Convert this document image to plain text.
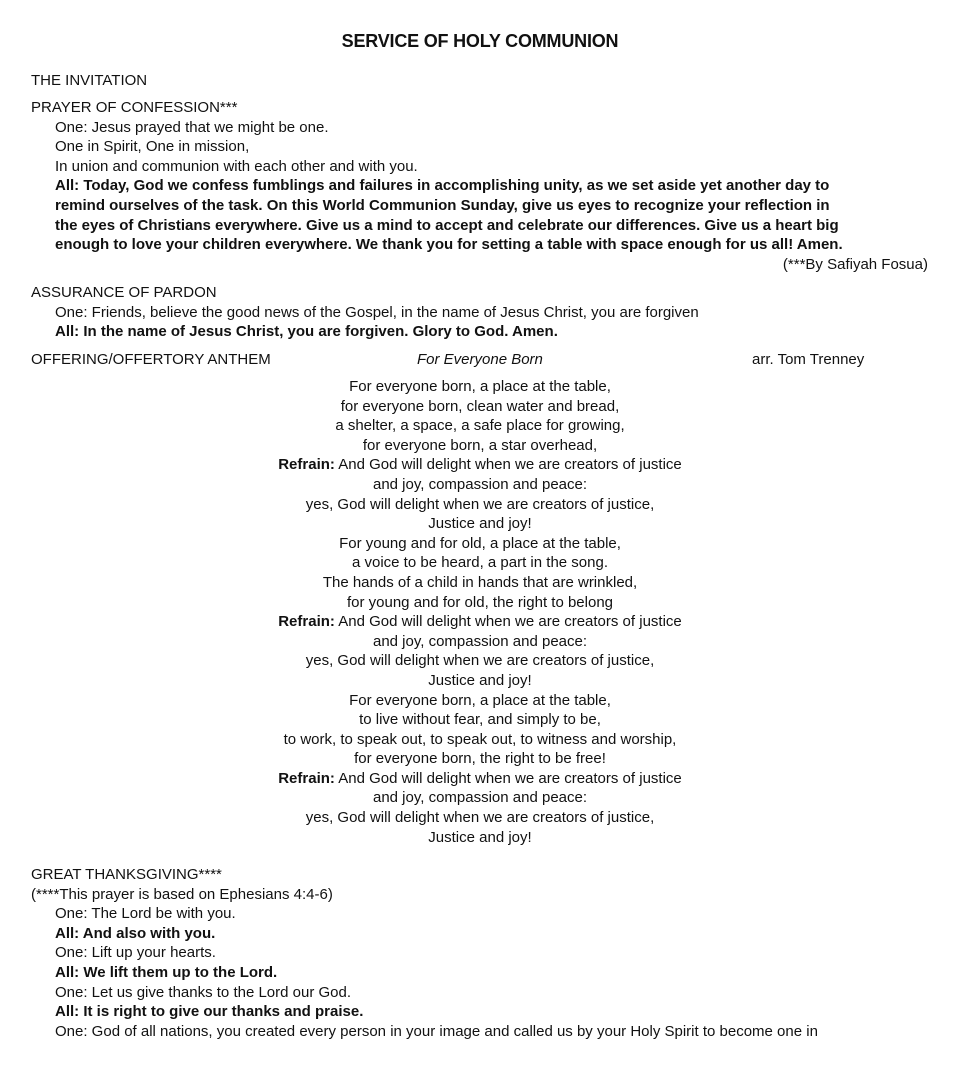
SERVICE OF HOLY COMMUNION
THE INVITATION
PRAYER OF CONFESSION***
One: Jesus prayed that we might be one.
One in Spirit, One in mission,
In union and communion with each other and with you.
All: Today, God we confess fumblings and failures in accomplishing unity, as we set aside yet another day to
remind ourselves of the task. On this World Communion Sunday, give us eyes to recognize your reflection in
the eyes of Christians everywhere. Give us a mind to accept and celebrate our differences. Give us a heart big
enough to love your children everywhere. We thank you for setting a table with space enough for us all! Amen.
(***By Safiyah Fosua)
ASSURANCE OF PARDON
One: Friends, believe the good news of the Gospel, in the name of Jesus Christ, you are forgiven
All: In the name of Jesus Christ, you are forgiven. Glory to God. Amen.
OFFERING/OFFERTORY ANTHEM	For Everyone Born	arr. Tom Trenney
For everyone born, a place at the table,
for everyone born, clean water and bread,
a shelter, a space, a safe place for growing,
for everyone born, a star overhead,
Refrain: And God will delight when we are creators of justice
and joy, compassion and peace:
yes, God will delight when we are creators of justice,
Justice and joy!
For young and for old, a place at the table,
a voice to be heard, a part in the song.
The hands of a child in hands that are wrinkled,
for young and for old, the right to belong
Refrain: And God will delight when we are creators of justice
and joy, compassion and peace:
yes, God will delight when we are creators of justice,
Justice and joy!
For everyone born, a place at the table,
to live without fear, and simply to be,
to work, to speak out, to speak out, to witness and worship,
for everyone born, the right to be free!
Refrain: And God will delight when we are creators of justice
and joy, compassion and peace:
yes, God will delight when we are creators of justice,
Justice and joy!
GREAT THANKSGIVING****
(****This prayer is based on Ephesians 4:4-6)
One: The Lord be with you.
All: And also with you.
One: Lift up your hearts.
All: We lift them up to the Lord.
One: Let us give thanks to the Lord our God.
All: It is right to give our thanks and praise.
One: God of all nations, you created every person in your image and called us by your Holy Spirit to become one in
